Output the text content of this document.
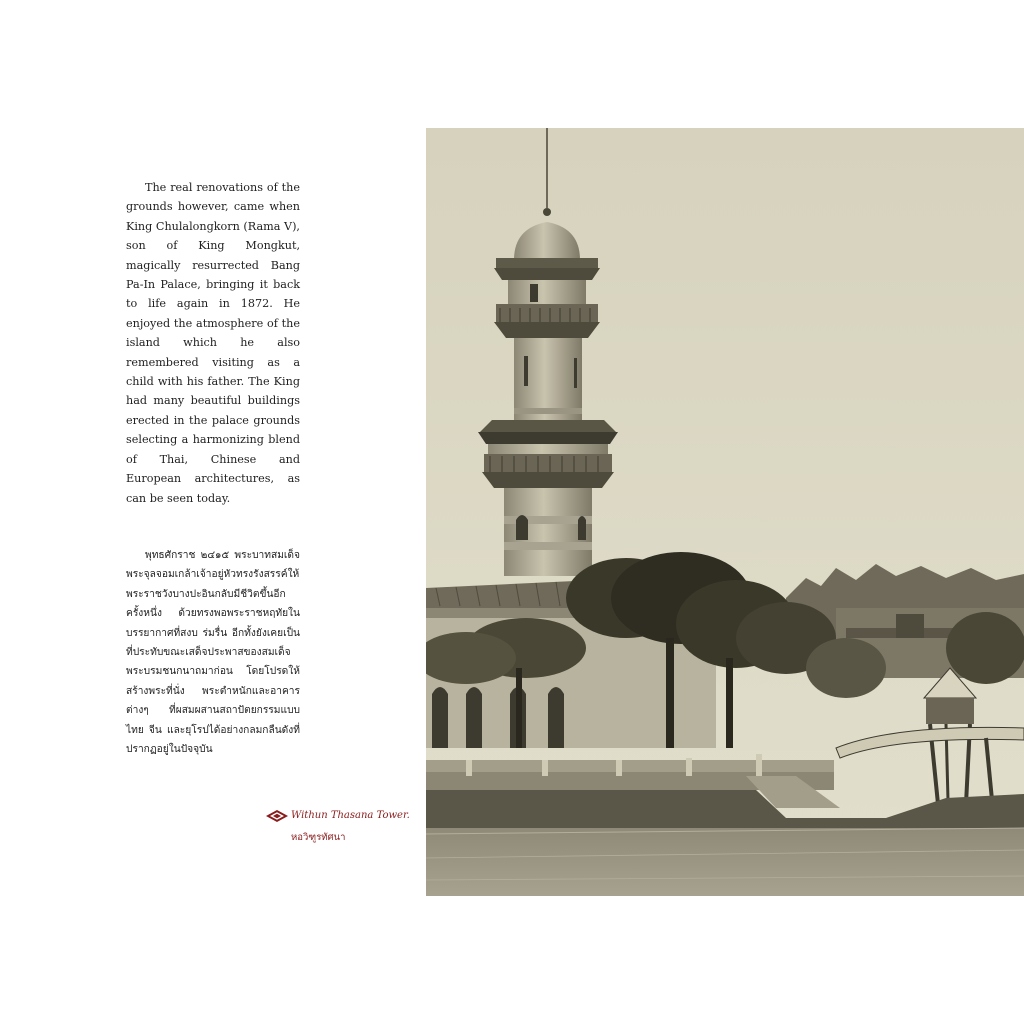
The real renovations of the grounds however, came when King Chulalongkorn (Rama V), son of King Mongkut, magically resurrected Bang Pa-In Palace, bringing it back to life again in 1872. He enjoyed the atmosphere of the island which he also remembered visiting as a child with his father. The King had many beautiful buildings erected in the palace grounds selecting a harmonizing blend of Thai, Chinese and European architectures, as can be seen today.

พุทธศักราช ๒๔๑๕ พระบาทสมเด็จพระจุลจอมเกล้าเจ้าอยู่หัวทรงรังสรรค์ให้พระราชวังบางปะอินกลับมีชีวิตขึ้นอีกครั้งหนึ่ง ด้วยทรงพอพระราชหฤทัยในบรรยากาศที่สงบ ร่มรื่น อีกทั้งยังเคยเป็นที่ประทับขณะเสด็จประพาสของสมเด็จพระบรมชนกนาถมาก่อน โดยโปรดให้สร้างพระที่นั่ง พระตำหนักและอาคารต่างๆ ที่ผสมผสานสถาปัตยกรรมแบบไทย จีน และยุโรปได้อย่างกลมกลืนดังที่ปรากฏอยู่ในปัจจุบัน

Withun Thasana Tower.
หอวิฑูรทัศนา
